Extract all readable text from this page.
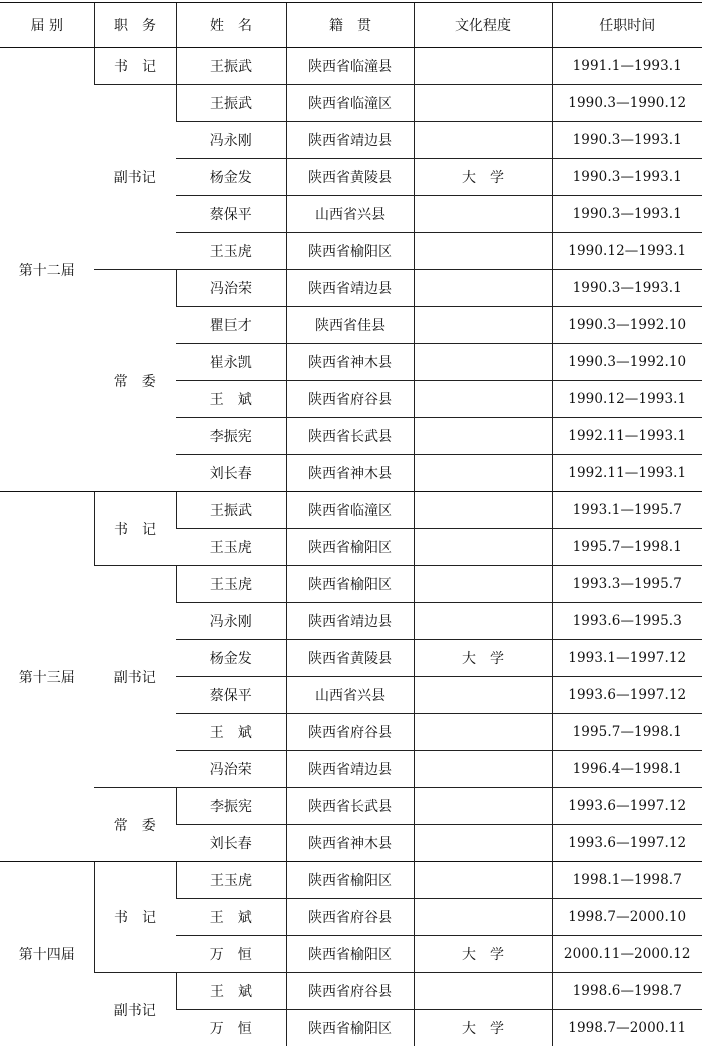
届 别	职　务	姓　名	籍　贯	文化程度	任职时间
第十二届	书　记	王振武	陕西省临潼县		1991.1—1993.1
	副书记	王振武	陕西省临潼区		1990.3—1990.12
		冯永刚	陕西省靖边县		1990.3—1993.1
		杨金发	陕西省黄陵县	大　学	1990.3—1993.1
		蔡保平	山西省兴县		1990.3—1993.1
		王玉虎	陕西省榆阳区		1990.12—1993.1
	常　委	冯治荣	陕西省靖边县		1990.3—1993.1
		瞿巨才	陕西省佳县		1990.3—1992.10
		崔永凯	陕西省神木县		1990.3—1992.10
		王　斌	陕西省府谷县		1990.12—1993.1
		李振宪	陕西省长武县		1992.11—1993.1
		刘长春	陕西省神木县		1992.11—1993.1
第十三届	书　记	王振武	陕西省临潼区		1993.1—1995.7
		王玉虎	陕西省榆阳区		1995.7—1998.1
	副书记	王玉虎	陕西省榆阳区		1993.3—1995.7
		冯永刚	陕西省靖边县		1993.6—1995.3
		杨金发	陕西省黄陵县	大　学	1993.1—1997.12
		蔡保平	山西省兴县		1993.6—1997.12
		王　斌	陕西省府谷县		1995.7—1998.1
		冯治荣	陕西省靖边县		1996.4—1998.1
	常　委	李振宪	陕西省长武县		1993.6—1997.12
		刘长春	陕西省神木县		1993.6—1997.12
第十四届	书　记	王玉虎	陕西省榆阳区		1998.1—1998.7
		王　斌	陕西省府谷县		1998.7—2000.10
		万　恒	陕西省榆阳区	大　学	2000.11—2000.12
	副书记	王　斌	陕西省府谷县		1998.6—1998.7
		万　恒	陕西省榆阳区	大　学	1998.7—2000.11
